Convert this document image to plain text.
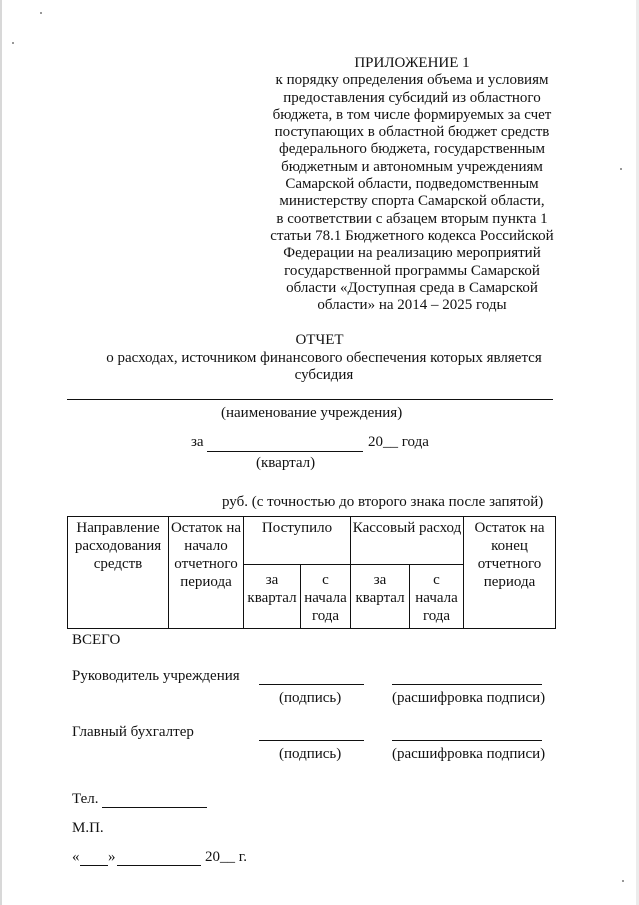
ПРИЛОЖЕНИЕ 1
к порядку определения объема и условиям
предоставления субсидий из областного
бюджета, в том числе формируемых за счет
поступающих в областной бюджет средств
федерального бюджета, государственным
бюджетным и автономным учреждениям
Самарской области, подведомственным
министерству спорта Самарской области,
в соответствии с абзацем вторым пункта 1
статьи 78.1 Бюджетного кодекса Российской
Федерации на реализацию мероприятий
государственной программы Самарской
области «Доступная среда в Самарской
области» на 2014 – 2025 годы
ОТЧЕТ
о расходах, источником финансового обеспечения которых является субсидия
(наименование учреждения)
за	20__ года
(квартал)
руб. (с точностью до второго знака после запятой)
Направление расходования средств	Остаток на начало отчетного периода	Поступило		Кассовый расход		Остаток на конец отчетного периода
		за квартал	с начала года	за квартал	с начала года	
ВСЕГО
Руководитель учреждения
(подпись)	(расшифровка подписи)
Главный бухгалтер
(подпись)	(расшифровка подписи)
Тел.
М.П.
« »	20__ г.
